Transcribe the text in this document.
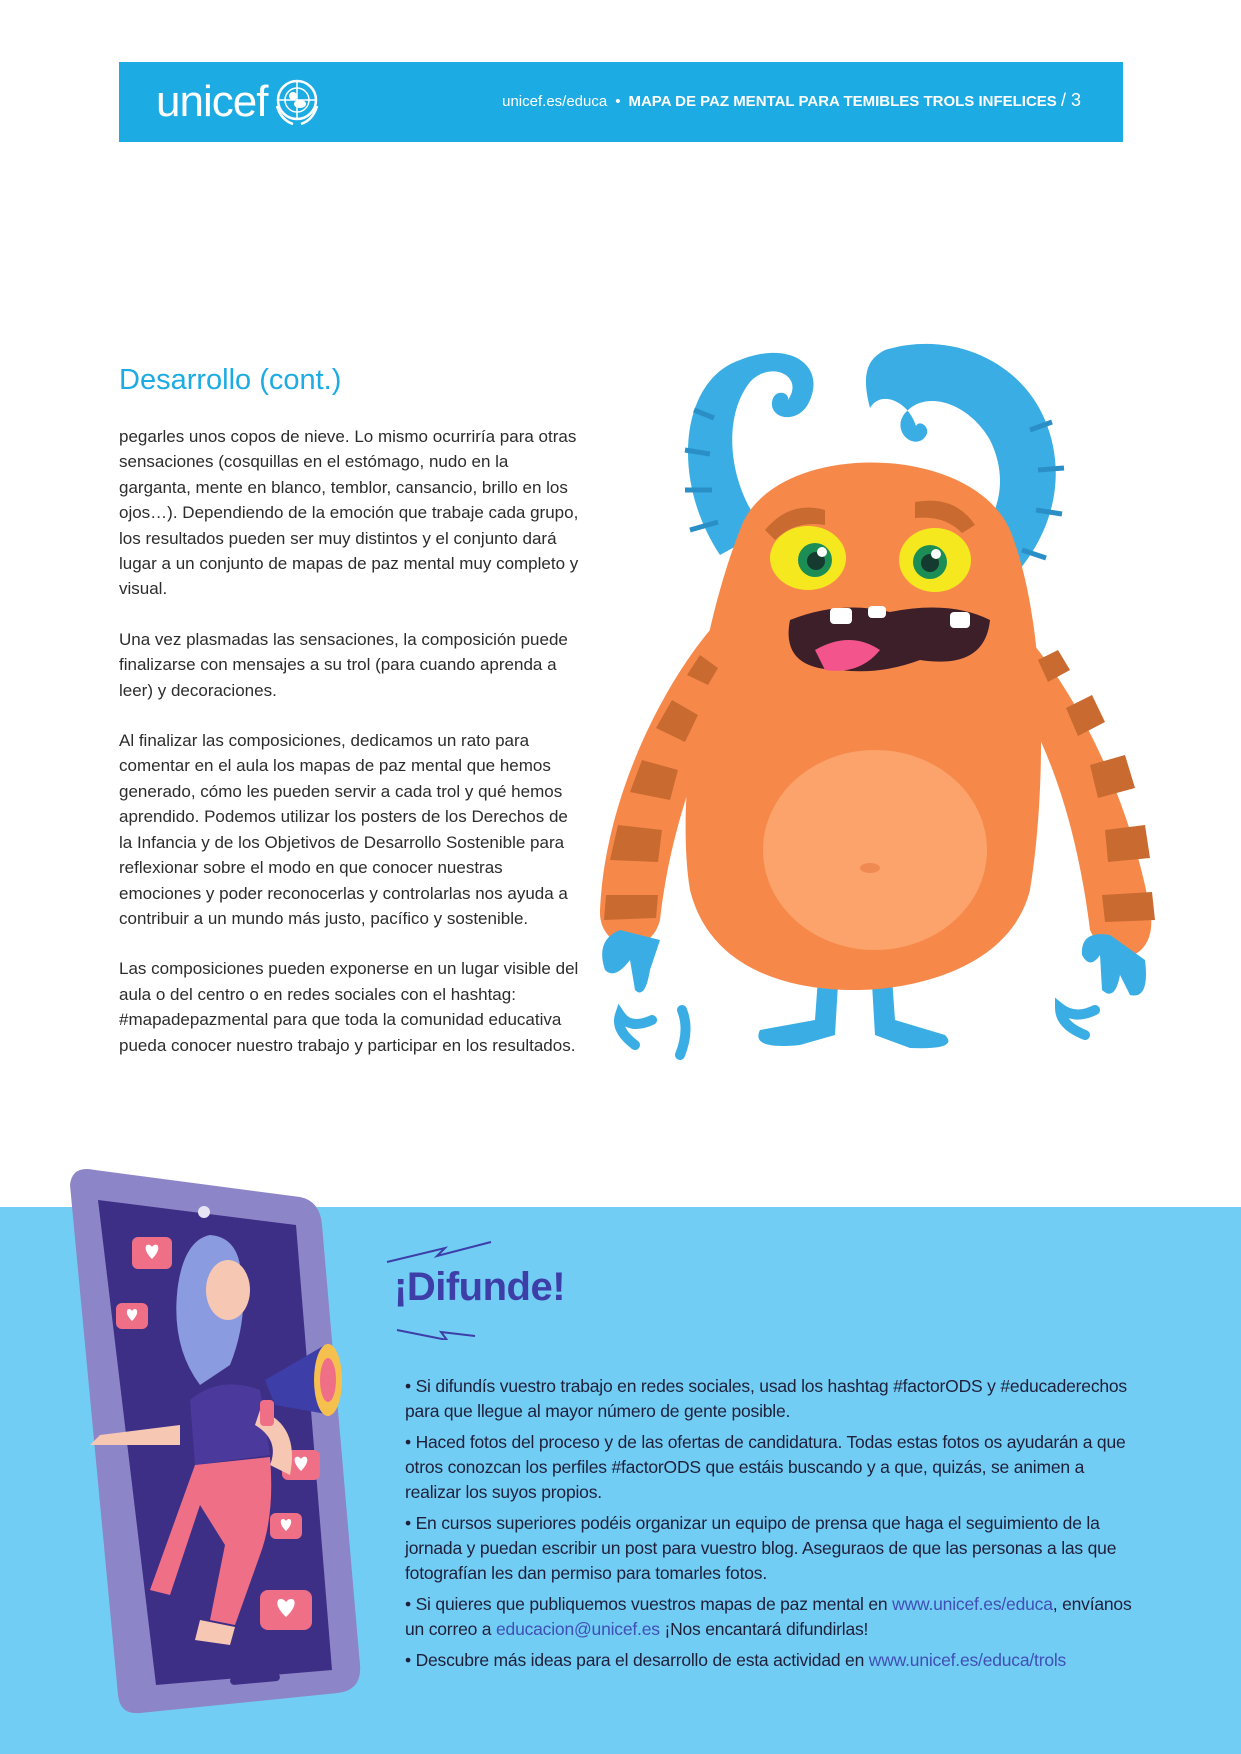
unicef	unicef.es/educa • MAPA DE PAZ MENTAL PARA TEMIBLES TROLS INFELICES / 3
Desarrollo (cont.)

pegarles unos copos de nieve. Lo mismo ocurriría para otras sensaciones (cosquillas en el estómago, nudo en la garganta, mente en blanco, temblor, cansancio, brillo en los ojos…). Dependiendo de la emoción que trabaje cada grupo, los resultados pueden ser muy distintos y el conjunto dará lugar a un conjunto de mapas de paz mental muy completo y visual.

Una vez plasmadas las sensaciones, la composición puede finalizarse con mensajes a su trol (para cuando aprenda a leer) y decoraciones.

Al finalizar las composiciones, dedicamos un rato para comentar en el aula los mapas de paz mental que hemos generado, cómo les pueden servir a cada trol y qué hemos aprendido. Podemos utilizar los posters de los Derechos de la Infancia y de los Objetivos de Desarrollo Sostenible para reflexionar sobre el modo en que conocer nuestras emociones y poder reconocerlas y controlarlas nos ayuda a contribuir a un mundo más justo, pacífico y sostenible.

Las composiciones pueden exponerse en un lugar visible del aula o del centro o en redes sociales con el hashtag: #mapadepazmental para que toda la comunidad educativa pueda conocer nuestro trabajo y participar en los resultados.

¡Difunde!

• Si difundís vuestro trabajo en redes sociales, usad los hashtag #factorODS y #educaderechos para que llegue al mayor número de gente posible.

• Haced fotos del proceso y de las ofertas de candidatura. Todas estas fotos os ayudarán a que otros conozcan los perfiles #factorODS que estáis buscando y a que, quizás, se animen a realizar los suyos propios.

• En cursos superiores podéis organizar un equipo de prensa que haga el seguimiento de la jornada y puedan escribir un post para vuestro blog. Aseguraos de que las personas a las que fotografían les dan permiso para tomarles fotos.

• Si quieres que publiquemos vuestros mapas de paz mental en www.unicef.es/educa, envíanos un correo a educacion@unicef.es ¡Nos encantará difundirlas!

• Descubre más ideas para el desarrollo de esta actividad en www.unicef.es/educa/trols
